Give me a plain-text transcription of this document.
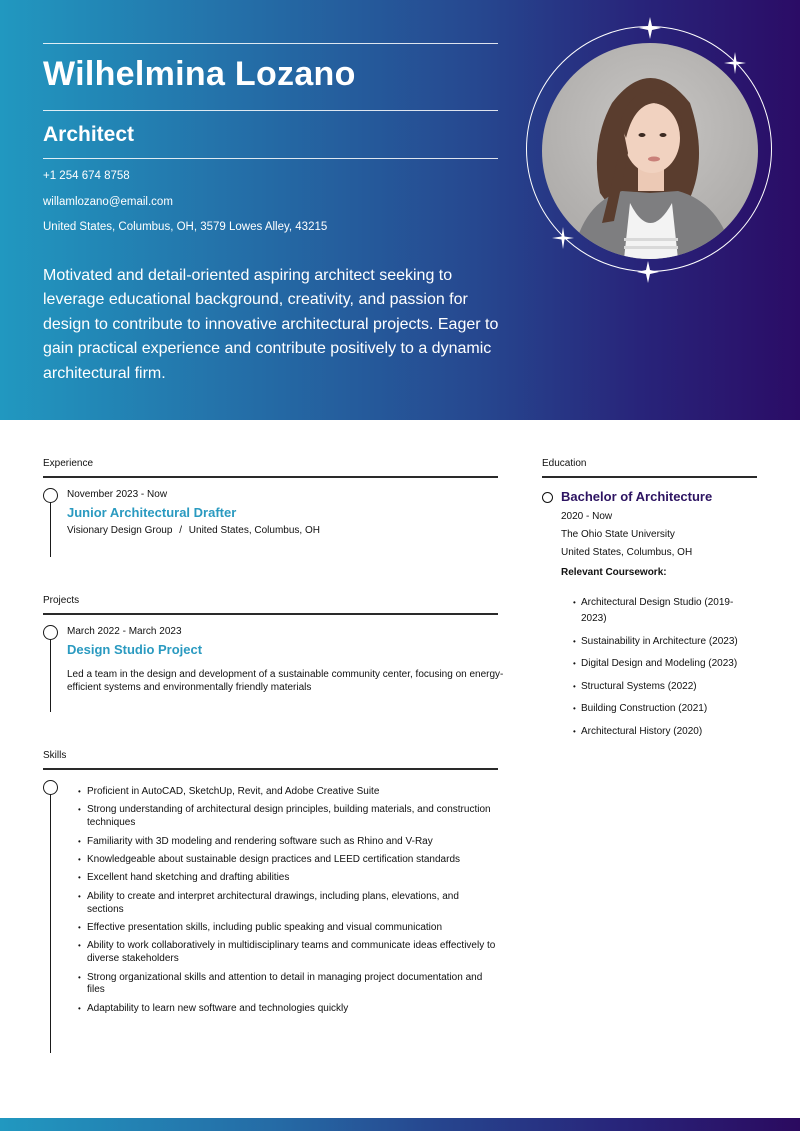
Wilhelmina Lozano
Architect
+1 254 674 8758
willamlozano@email.com
United States, Columbus, OH, 3579 Lowes Alley, 43215
Motivated and detail-oriented aspiring architect seeking to leverage educational background, creativity, and passion for design to contribute to innovative architectural projects. Eager to gain practical experience and contribute positively to a dynamic architectural firm.
Experience
November 2023 - Now
Junior Architectural Drafter
Visionary Design Group / United States, Columbus, OH
Projects
March 2022 - March 2023
Design Studio Project
Led a team in the design and development of a sustainable community center, focusing on energy-efficient systems and environmentally friendly materials
Skills
• Proficient in AutoCAD, SketchUp, Revit, and Adobe Creative Suite
• Strong understanding of architectural design principles, building materials, and construction techniques
• Familiarity with 3D modeling and rendering software such as Rhino and V-Ray
• Knowledgeable about sustainable design practices and LEED certification standards
• Excellent hand sketching and drafting abilities
• Ability to create and interpret architectural drawings, including plans, elevations, and sections
• Effective presentation skills, including public speaking and visual communication
• Ability to work collaboratively in multidisciplinary teams and communicate ideas effectively to diverse stakeholders
• Strong organizational skills and attention to detail in managing project documentation and files
• Adaptability to learn new software and technologies quickly
Education
Bachelor of Architecture
2020 - Now
The Ohio State University
United States, Columbus, OH
Relevant Coursework:
• Architectural Design Studio (2019-2023)
• Sustainability in Architecture (2023)
• Digital Design and Modeling (2023)
• Structural Systems (2022)
• Building Construction (2021)
• Architectural History (2020)
